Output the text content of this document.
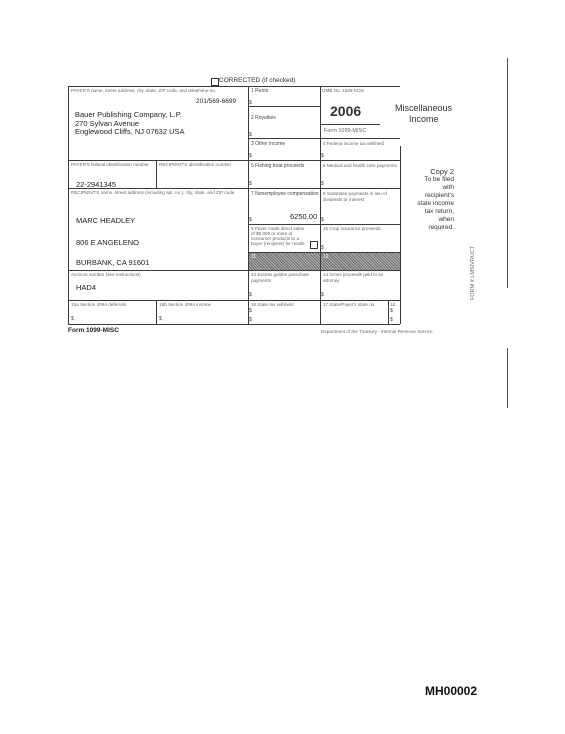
CORRECTED (if checked)
PAYER'S name, street address, city, state, ZIP code, and telephone no.
201/569-6699
Bauer Publishing Company, L.P.
270 Sylvan Avenue
Englewood Cliffs, NJ 07632 USA
PAYER'S federal identification number	RECIPIENT'S identification number
22-2941345
RECIPIENT'S name, street address (including apt. no.), city, state, and ZIP code
MARC HEADLEY
806 E ANGELENO
BURBANK, CA 91601
Account number (see instructions)
HAD4
15a Section 409A deferrals	15b Section 409A income
$	$
1 Rents
$
2 Royalties
$
OMB No. 1545-0115
2006
Form 1099-MISC
Miscellaneous
Income
3 Other income
$
4 Federal income tax withheld
$
5 Fishing boat proceeds
$
6 Medical and health care payments
$
7 Nonemployee compensation
6250.00
$
8 Substitute payments in lieu of dividends or interest
$
9 Payer made direct sales of $5,000 or more of consumer products to a buyer (recipient) for resale
10 Crop insurance proceeds
$
11	12
13 Excess golden parachute payments
$
14 Gross proceeds paid to an attorney
$
16 State tax withheld
$
$
17 State/Payer's state no.	18
$
$
Copy 2
To be filed
with
recipient's
state income
tax return,
when
required.
Form 1099-MISC	Department of the Treasury - Internal Revenue Service
FORM # LMSIVRUCT
MH00002
